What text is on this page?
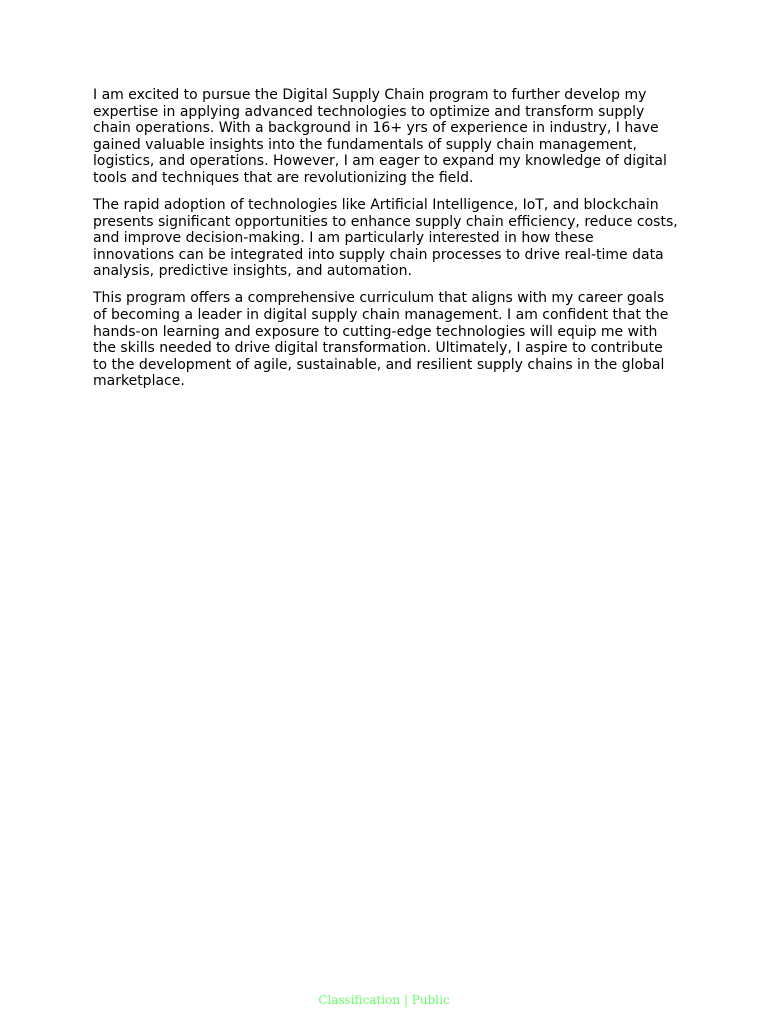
I am excited to pursue the Digital Supply Chain program to further develop my expertise in applying advanced technologies to optimize and transform supply chain operations. With a background in 16+ yrs of experience in industry, I have gained valuable insights into the fundamentals of supply chain management, logistics, and operations. However, I am eager to expand my knowledge of digital tools and techniques that are revolutionizing the field.

The rapid adoption of technologies like Artificial Intelligence, IoT, and blockchain presents significant opportunities to enhance supply chain efficiency, reduce costs, and improve decision-making. I am particularly interested in how these innovations can be integrated into supply chain processes to drive real-time data analysis, predictive insights, and automation.

This program offers a comprehensive curriculum that aligns with my career goals of becoming a leader in digital supply chain management. I am confident that the hands-on learning and exposure to cutting-edge technologies will equip me with the skills needed to drive digital transformation. Ultimately, I aspire to contribute to the development of agile, sustainable, and resilient supply chains in the global marketplace.

Classification | Public
